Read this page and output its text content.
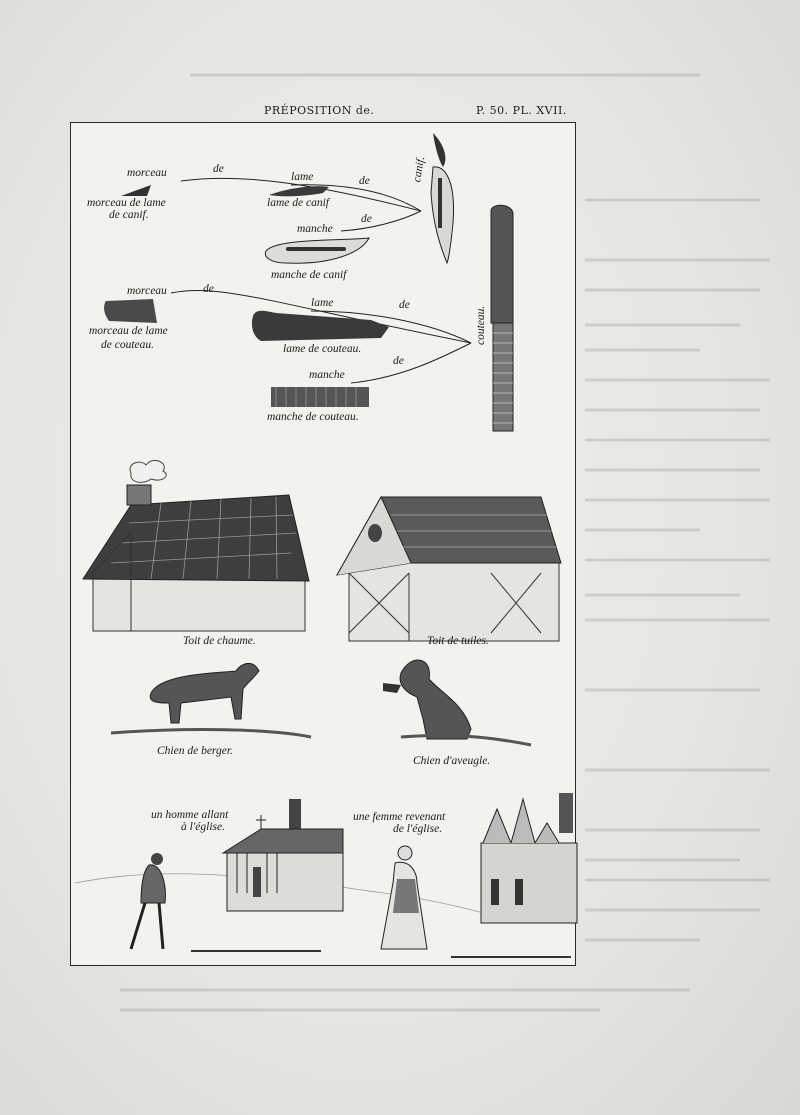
PRÉPOSITION de.	P. 50. PL. XVII.
morceau	de
morceau de lame
de canif.
lame	de
lame de canif
manche
de
manche de canif
canif.
morceau	de
morceau de lame
de couteau.
lame	de
lame de couteau.
manche
de
manche de couteau.
couteau.
Toit de chaume.	Toit de tuiles.
Chien de berger.
Chien d'aveugle.
un homme allant
à l'église.
une femme revenant
de l'église.
